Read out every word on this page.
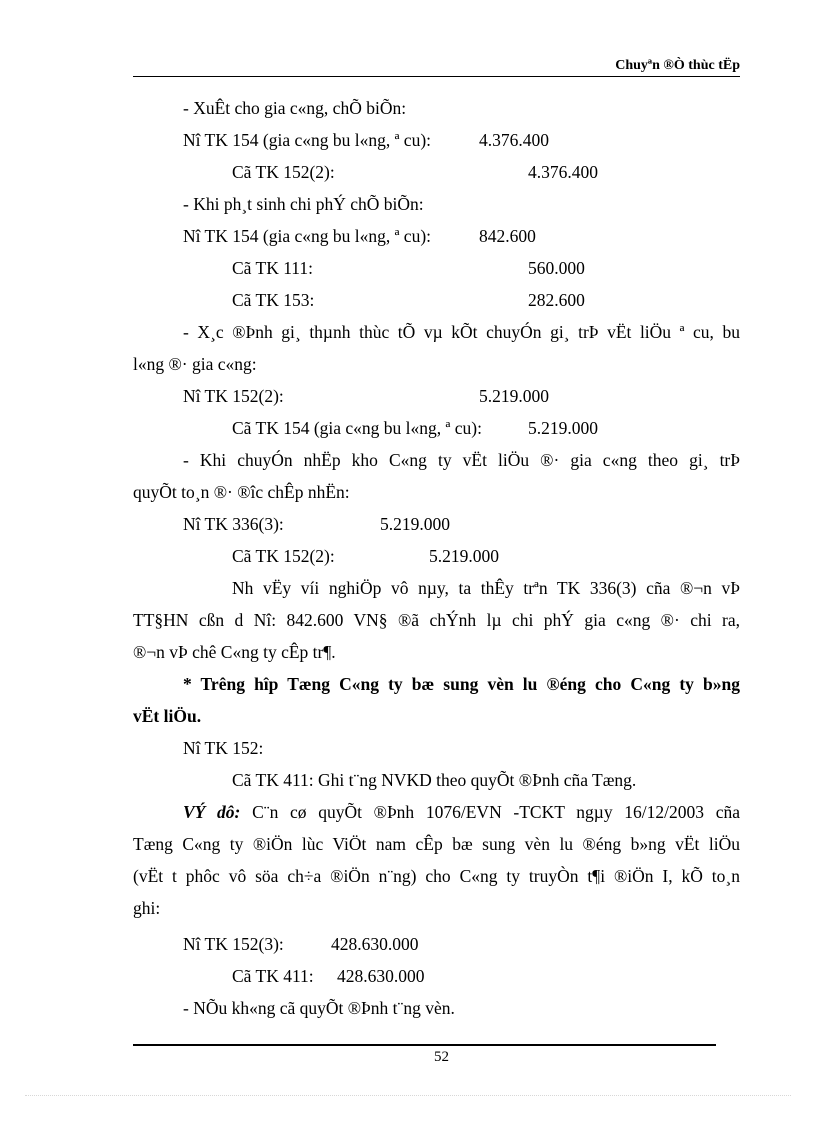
Chuyªn ®Ò thùc tËp
- XuÊt cho gia c«ng, chÕ biÕn:
Nî TK 154 (gia c«ng bu l«ng, ª cu):	4.376.400
Cã TK 152(2):	4.376.400
- Khi ph¸t sinh chi phÝ chÕ biÕn:
Nî TK 154 (gia c«ng bu l«ng, ª cu):	842.600
Cã TK 111:	560.000
Cã TK 153:	282.600
- X¸c ®Þnh gi¸ thµnh thùc tÕ vµ kÕt chuyÓn gi¸ trÞ vËt liÖu ª cu, bu
l«ng ®· gia c«ng:
Nî TK 152(2):	5.219.000
Cã TK 154 (gia c«ng bu l«ng, ª cu):	5.219.000
- Khi chuyÓn nhËp kho C«ng ty vËt liÖu ®· gia c«ng theo gi¸ trÞ
quyÕt to¸n ®· ®îc chÊp nhËn:
Nî TK 336(3):	5.219.000
Cã TK 152(2):	5.219.000
Nh vËy víi nghiÖp vô nµy, ta thÊy trªn TK 336(3) cña ®¬n vÞ
TT§HN cßn d Nî: 842.600 VN§ ®ã chÝnh lµ chi phÝ gia c«ng ®· chi ra,
®¬n vÞ chê C«ng ty cÊp tr¶.
* Trêng hîp Tæng C«ng ty bæ sung vèn lu ®éng cho C«ng ty b»ng
vËt liÖu.
Nî TK 152:
Cã TK 411: Ghi t¨ng NVKD theo quyÕt ®Þnh cña Tæng.
VÝ dô: C¨n cø quyÕt ®Þnh 1076/EVN -TCKT ngµy 16/12/2003 cña
Tæng C«ng ty ®iÖn lùc ViÖt nam cÊp bæ sung vèn lu ®éng b»ng vËt liÖu
(vËt t phôc vô söa ch÷a ®iÖn n¨ng) cho C«ng ty truyÒn t¶i ®iÖn I, kÕ to¸n
ghi:
Nî TK 152(3):	428.630.000
Cã TK 411: 428.630.000
- NÕu kh«ng cã quyÕt ®Þnh t¨ng vèn.
52
